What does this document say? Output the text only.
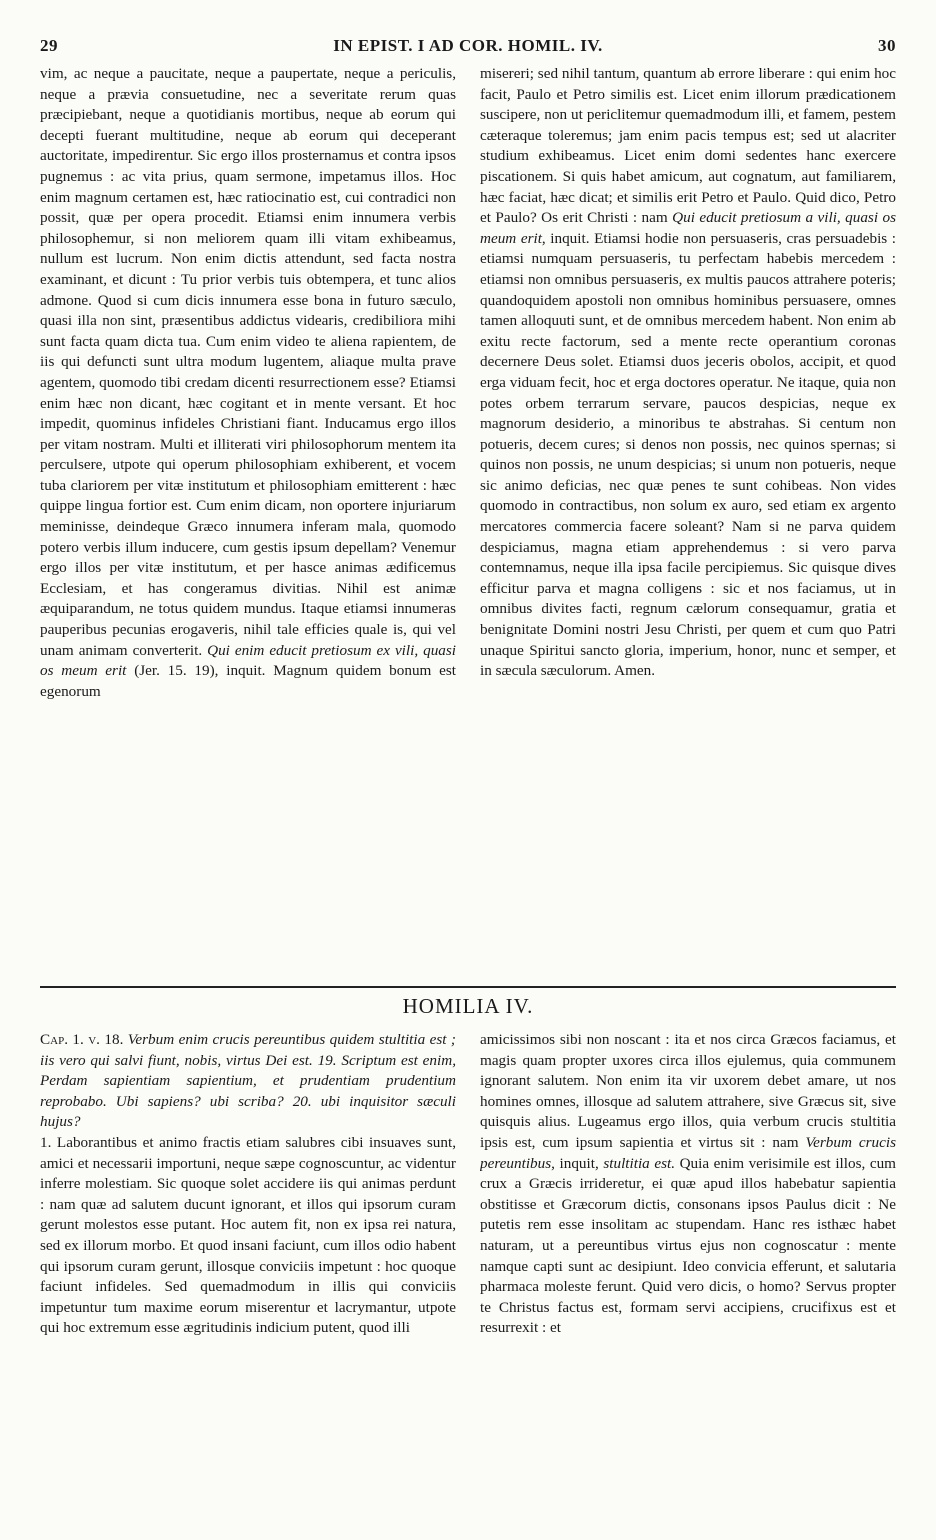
29	IN EPIST. I AD COR. HOMIL. IV.	30

vim, ac neque a paucitate, neque a paupertate, neque a periculis, neque a prævia consuetudine, nec a severitate rerum quas præcipiebant, neque a quotidianis mortibus, neque ab eorum qui decepti fuerant multitudine, neque ab eorum qui deceperant auctoritate, impedirentur. Sic ergo illos prosternamus et contra ipsos pugnemus : ac vita prius, quam sermone, impetamus illos. Hoc enim magnum certamen est, hæc ratiocinatio est, cui contradici non possit, quæ per opera procedit. Etiamsi enim innumera verbis philosophemur, si non meliorem quam illi vitam exhibeamus, nullum est lucrum. Non enim dictis attendunt, sed facta nostra examinant, et dicunt : Tu prior verbis tuis obtempera, et tunc alios admone. Quod si cum dicis innumera esse bona in futuro sæculo, quasi illa non sint, præsentibus addictus videaris, credibiliora mihi sunt facta quam dicta tua. Cum enim video te aliena rapientem, de iis qui defuncti sunt ultra modum lugentem, aliaque multa prave agentem, quomodo tibi credam dicenti resurrectionem esse? Etiamsi enim hæc non dicant, hæc cogitant et in mente versant. Et hoc impedit, quominus infideles Christiani fiant. Inducamus ergo illos per vitam nostram. Multi et illiterati viri philosophorum mentem ita perculsere, utpote qui operum philosophiam exhiberent, et vocem tuba clariorem per vitæ institutum et philosophiam emitterent : hæc quippe lingua fortior est. Cum enim dicam, non oportere injuriarum meminisse, deindeque Græco innumera inferam mala, quomodo potero verbis illum inducere, cum gestis ipsum depellam? Venemur ergo illos per vitæ institutum, et per hasce animas ædificemus Ecclesiam, et has congeramus divitias. Nihil est animæ æquiparandum, ne totus quidem mundus. Itaque etiamsi innumeras pauperibus pecunias erogaveris, nihil tale efficies quale is, qui vel unam animam converterit. Qui enim educit pretiosum ex vili, quasi os meum erit (Jer. 15. 19), inquit. Magnum quidem bonum est egenorum

misereri; sed nihil tantum, quantum ab errore liberare : qui enim hoc facit, Paulo et Petro similis est. Licet enim illorum prædicationem suscipere, non ut periclitemur quemadmodum illi, et famem, pestem cæteraque toleremus; jam enim pacis tempus est; sed ut alacriter studium exhibeamus. Licet enim domi sedentes hanc exercere piscationem. Si quis habet amicum, aut cognatum, aut familiarem, hæc faciat, hæc dicat; et similis erit Petro et Paulo. Quid dico, Petro et Paulo? Os erit Christi : nam Qui educit pretiosum a vili, quasi os meum erit, inquit. Etiamsi hodie non persuaseris, cras persuadebis : etiamsi numquam persuaseris, tu perfectam habebis mercedem : etiamsi non omnibus persuaseris, ex multis paucos attrahere poteris; quandoquidem apostoli non omnibus hominibus persuasere, omnes tamen alloquuti sunt, et de omnibus mercedem habent. Non enim ab exitu recte factorum, sed a mente recte operantium coronas decernere Deus solet. Etiamsi duos jeceris obolos, accipit, et quod erga viduam fecit, hoc et erga doctores operatur. Ne itaque, quia non potes orbem terrarum servare, paucos despicias, neque ex magnorum desiderio, a minoribus te abstrahas. Si centum non potueris, decem cures; si denos non possis, nec quinos spernas; si quinos non possis, ne unum despicias; si unum non potueris, neque sic animo deficias, nec quæ penes te sunt cohibeas. Non vides quomodo in contractibus, non solum ex auro, sed etiam ex argento mercatores commercia facere soleant? Nam si ne parva quidem despiciamus, magna etiam apprehendemus : si vero parva contemnamus, neque illa ipsa facile percipiemus. Sic quisque dives efficitur parva et magna colligens : sic et nos faciamus, ut in omnibus divites facti, regnum cælorum consequamur, gratia et benignitate Domini nostri Jesu Christi, per quem et cum quo Patri unaque Spiritui sancto gloria, imperium, honor, nunc et semper, et in sæcula sæculorum. Amen.

HOMILIA IV.

Cap. 1. v. 18. Verbum enim crucis pereuntibus quidem stultitia est ; iis vero qui salvi fiunt, nobis, virtus Dei est. 19. Scriptum est enim, Perdam sapientiam sapientium, et prudentiam prudentium reprobabo. Ubi sapiens? ubi scriba? 20. ubi inquisitor sæculi hujus?

1. Laborantibus et animo fractis etiam salubres cibi insuaves sunt, amici et necessarii importuni, neque sæpe cognoscuntur, ac videntur inferre molestiam. Sic quoque solet accidere iis qui animas perdunt : nam quæ ad salutem ducunt ignorant, et illos qui ipsorum curam gerunt molestos esse putant. Hoc autem fit, non ex ipsa rei natura, sed ex illorum morbo. Et quod insani faciunt, cum illos odio habent qui ipsorum curam gerunt, illosque conviciis impetunt : hoc quoque faciunt infideles. Sed quemadmodum in illis qui conviciis impetuntur tum maxime eorum miserentur et lacrymantur, utpote qui hoc extremum esse ægritudinis indicium putent, quod illi

amicissimos sibi non noscant : ita et nos circa Græcos faciamus, et magis quam propter uxores circa illos ejulemus, quia communem ignorant salutem. Non enim ita vir uxorem debet amare, ut nos homines omnes, illosque ad salutem attrahere, sive Græcus sit, sive quisquis alius. Lugeamus ergo illos, quia verbum crucis stultitia ipsis est, cum ipsum sapientia et virtus sit : nam Verbum crucis pereuntibus, inquit, stultitia est. Quia enim verisimile est illos, cum crux a Græcis irrideretur, ei quæ apud illos habebatur sapientia obstitisse et Græcorum dictis, consonans ipsos Paulus dicit : Ne putetis rem esse insolitam ac stupendam. Hanc res isthæc habet naturam, ut a pereuntibus virtus ejus non cognoscatur : mente namque capti sunt ac desipiunt. Ideo convicia efferunt, et salutaria pharmaca moleste ferunt. Quid vero dicis, o homo? Servus propter te Christus factus est, formam servi accipiens, crucifixus est et resurrexit : et
